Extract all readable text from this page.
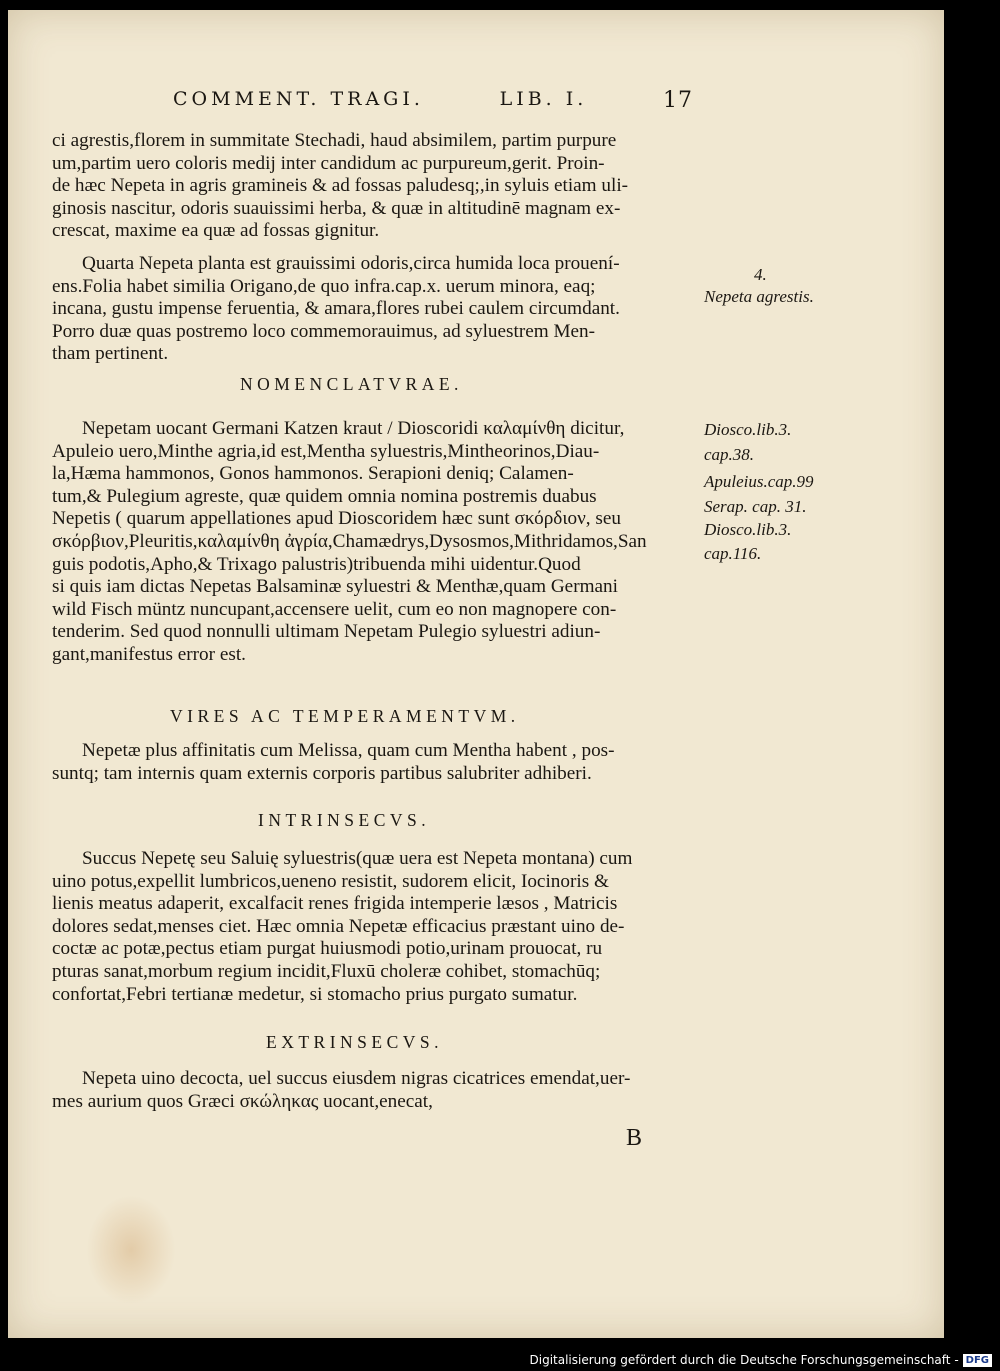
COMMENT. TRAGI.	LIB. I.	17
ci agrestis,florem in summitate Stechadi, haud absimilem, partim purpure
um,partim uero coloris medij inter candidum ac purpureum,gerit. Proin-
de hæc Nepeta in agris gramineis & ad fossas paludesq;,in syluis etiam uli-
ginosis nascitur, odoris suauissimi herba, & quæ in altitudinē magnam ex-
crescat, maxime ea quæ ad fossas gignitur.
Quarta Nepeta planta est grauissimi odoris,circa humida loca prouení-
ens.Folia habet similia Origano,de quo infra.cap.x. uerum minora, eaq;
incana, gustu impense feruentia, & amara,flores rubei caulem circumdant.
Porro duæ quas postremo loco commemorauimus, ad syluestrem Men-
tham pertinent.
NOMENCLATVRAE.
Nepetam uocant Germani Katzen kraut / Dioscoridi καλαμίνθη dicitur,
Apuleio uero,Minthe agria,id est,Mentha syluestris,Mintheorinos,Diau-
la,Hæma hammonos, Gonos hammonos. Serapioni deniq; Calamen-
tum,& Pulegium agreste, quæ quidem omnia nomina postremis duabus
Nepetis ( quarum appellationes apud Dioscoridem hæc sunt σκόρδιον, seu
σκόρβιον,Pleuritis,καλαμίνθη ἀγρία,Chamædrys,Dysosmos,Mithridamos,San
guis podotis,Apho,& Trixago palustris)tribuenda mihi uidentur.Quod
si quis iam dictas Nepetas Balsaminæ syluestri & Menthæ,quam Germani
wild Fisch müntz nuncupant,accensere uelit, cum eo non magnopere con-
tenderim. Sed quod nonnulli ultimam Nepetam Pulegio syluestri adiun-
gant,manifestus error est.
VIRES AC TEMPERAMENTVM.
Nepetæ plus affinitatis cum Melissa, quam cum Mentha habent , pos-
suntq; tam internis quam externis corporis partibus salubriter adhiberi.
INTRINSECVS.
Succus Nepetę seu Saluię syluestris(quæ uera est Nepeta montana) cum
uino potus,expellit lumbricos,ueneno resistit, sudorem elicit, Iocinoris &
lienis meatus adaperit, excalfacit renes frigida intemperie læsos , Matricis
dolores sedat,menses ciet. Hæc omnia Nepetæ efficacius præstant uino de-
coctæ ac potæ,pectus etiam purgat huiusmodi potio,urinam prouocat, ru
pturas sanat,morbum regium incidit,Fluxū choleræ cohibet, stomachūq;
confortat,Febri tertianæ medetur, si stomacho prius purgato sumatur.
EXTRINSECVS.
Nepeta uino decocta, uel succus eiusdem nigras cicatrices emendat,uer-
mes aurium quos Græci σκώληκας uocant,enecat,
4.
Nepeta agrestis.
Diosco.lib.3.
cap.38.
Apuleius.cap.99
Serap. cap. 31.
Diosco.lib.3.
cap.116.
B
Digitalisierung gefördert durch die Deutsche Forschungsgemeinschaft - DFG
